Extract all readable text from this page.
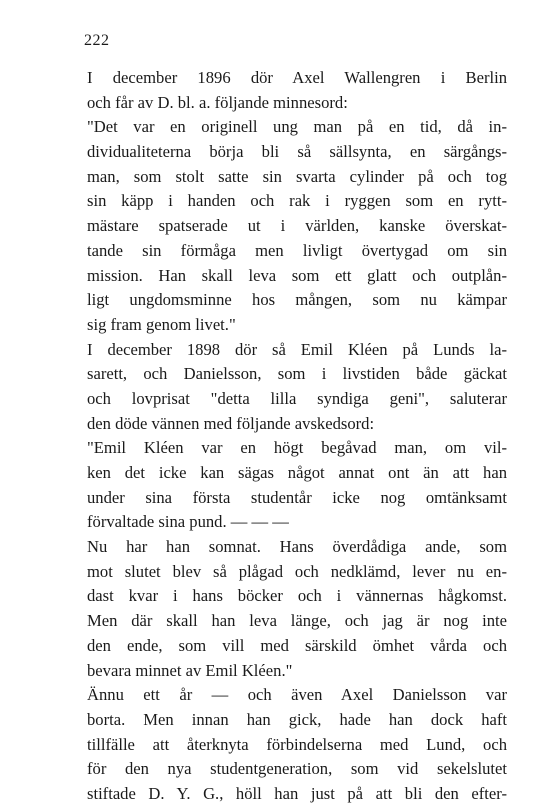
222
I december 1896 dör Axel Wallengren i Berlin
och får av D. bl. a. följande minnesord:
"Det var en originell ung man på en tid, då in-
dividualiteterna börja bli så sällsynta, en särgångs-
man, som stolt satte sin svarta cylinder på och tog
sin käpp i handen och rak i ryggen som en rytt-
mästare spatserade ut i världen, kanske överskat-
tande sin förmåga men livligt övertygad om sin
mission. Han skall leva som ett glatt och outplån-
ligt ungdomsminne hos mången, som nu kämpar
sig fram genom livet."
I december 1898 dör så Emil Kléen på Lunds la-
sarett, och Danielsson, som i livstiden både gäckat
och lovprisat "detta lilla syndiga geni", saluterar
den döde vännen med följande avskedsord:
"Emil Kléen var en högt begåvad man, om vil-
ken det icke kan sägas något annat ont än att han
under sina första studentår icke nog omtänksamt
förvaltade sina pund. — — —
Nu har han somnat. Hans överdådiga ande, som
mot slutet blev så plågad och nedklämd, lever nu en-
dast kvar i hans böcker och i vännernas hågkomst.
Men där skall han leva länge, och jag är nog inte
den ende, som vill med särskild ömhet vårda och
bevara minnet av Emil Kléen."
Ännu ett år — och även Axel Danielsson var
borta. Men innan han gick, hade han dock haft
tillfälle att återknyta förbindelserna med Lund, och
för den nya studentgeneration, som vid sekelslutet
stiftade D. Y. G., höll han just på att bli den efter-
